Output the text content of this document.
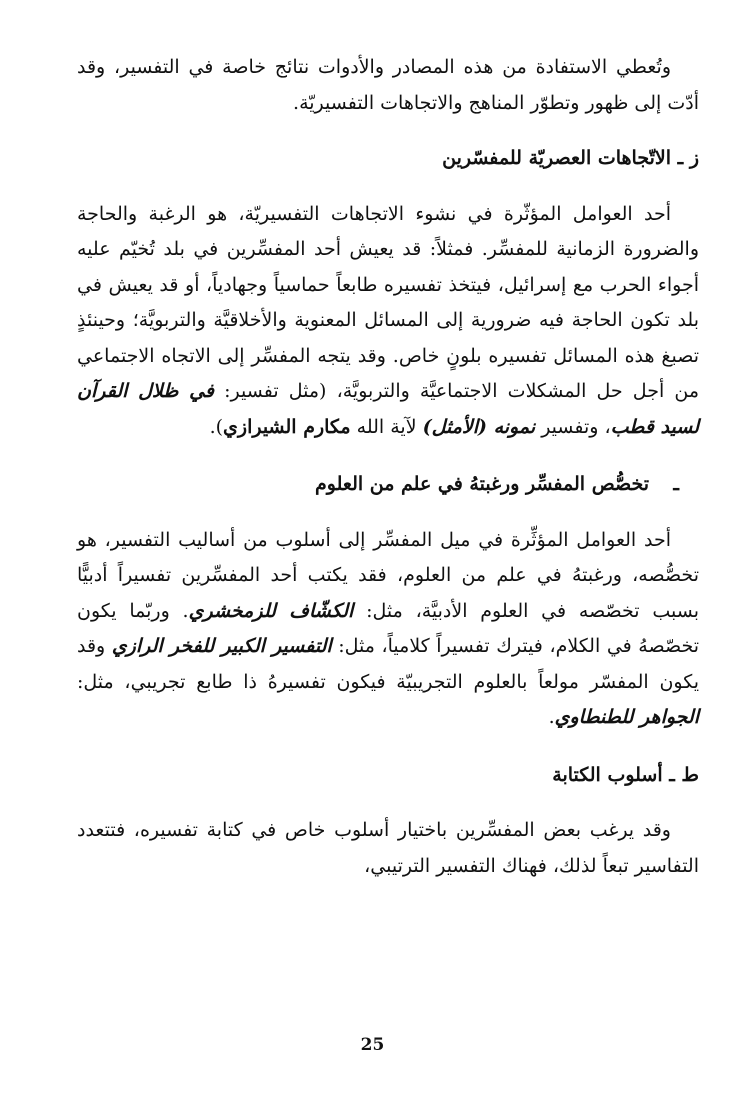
وتُعطي الاستفادة من هذه المصادر والأدوات نتائج خاصة في التفسير، وقد أدّت إلى ظهور وتطوّر المناهج والاتجاهات التفسيريّة.

ز ـ الاتّجاهات العصريّة للمفسّرين

أحد العوامل المؤثّرة في نشوء الاتجاهات التفسيريّة، هو الرغبة والحاجة والضرورة الزمانية للمفسِّر. فمثلاً: قد يعيش أحد المفسِّرين في بلد تُخيّم عليه أجواء الحرب مع إسرائيل، فيتخذ تفسيره طابعاً حماسياً وجهادياً، أو قد يعيش في بلد تكون الحاجة فيه ضرورية إلى المسائل المعنوية والأخلاقيَّة والتربويَّة؛ وحينئذٍ تصبغ هذه المسائل تفسيره بلونٍ خاص. وقد يتجه المفسِّر إلى الاتجاه الاجتماعي من أجل حل المشكلات الاجتماعيَّة والتربويَّة، (مثل تفسير: في ظلال القرآن لسيد قطب، وتفسير نمونه (الأمثل) لآية الله مكارم الشيرازي).

ـتخصُّص المفسِّر ورغبتهُ في علم من العلوم

أحد العوامل المؤثِّرة في ميل المفسِّر إلى أسلوب من أساليب التفسير، هو تخصُّصه، ورغبتهُ في علم من العلوم، فقد يكتب أحد المفسِّرين تفسيراً أدبيًّا بسبب تخصّصه في العلوم الأدبيَّة، مثل: الكشّاف للزمخشري. وربّما يكون تخصّصهُ في الكلام، فيترك تفسيراً كلامياً، مثل: التفسير الكبير للفخر الرازي وقد يكون المفسّر مولعاً بالعلوم التجريبيّة فيكون تفسيرهُ ذا طابع تجريبي، مثل: الجواهر للطنطاوي.

ط ـ أسلوب الكتابة

وقد يرغب بعض المفسِّرين باختيار أسلوب خاص في كتابة تفسيره، فتتعدد التفاسير تبعاً لذلك، فهناك التفسير الترتيبي،

25
